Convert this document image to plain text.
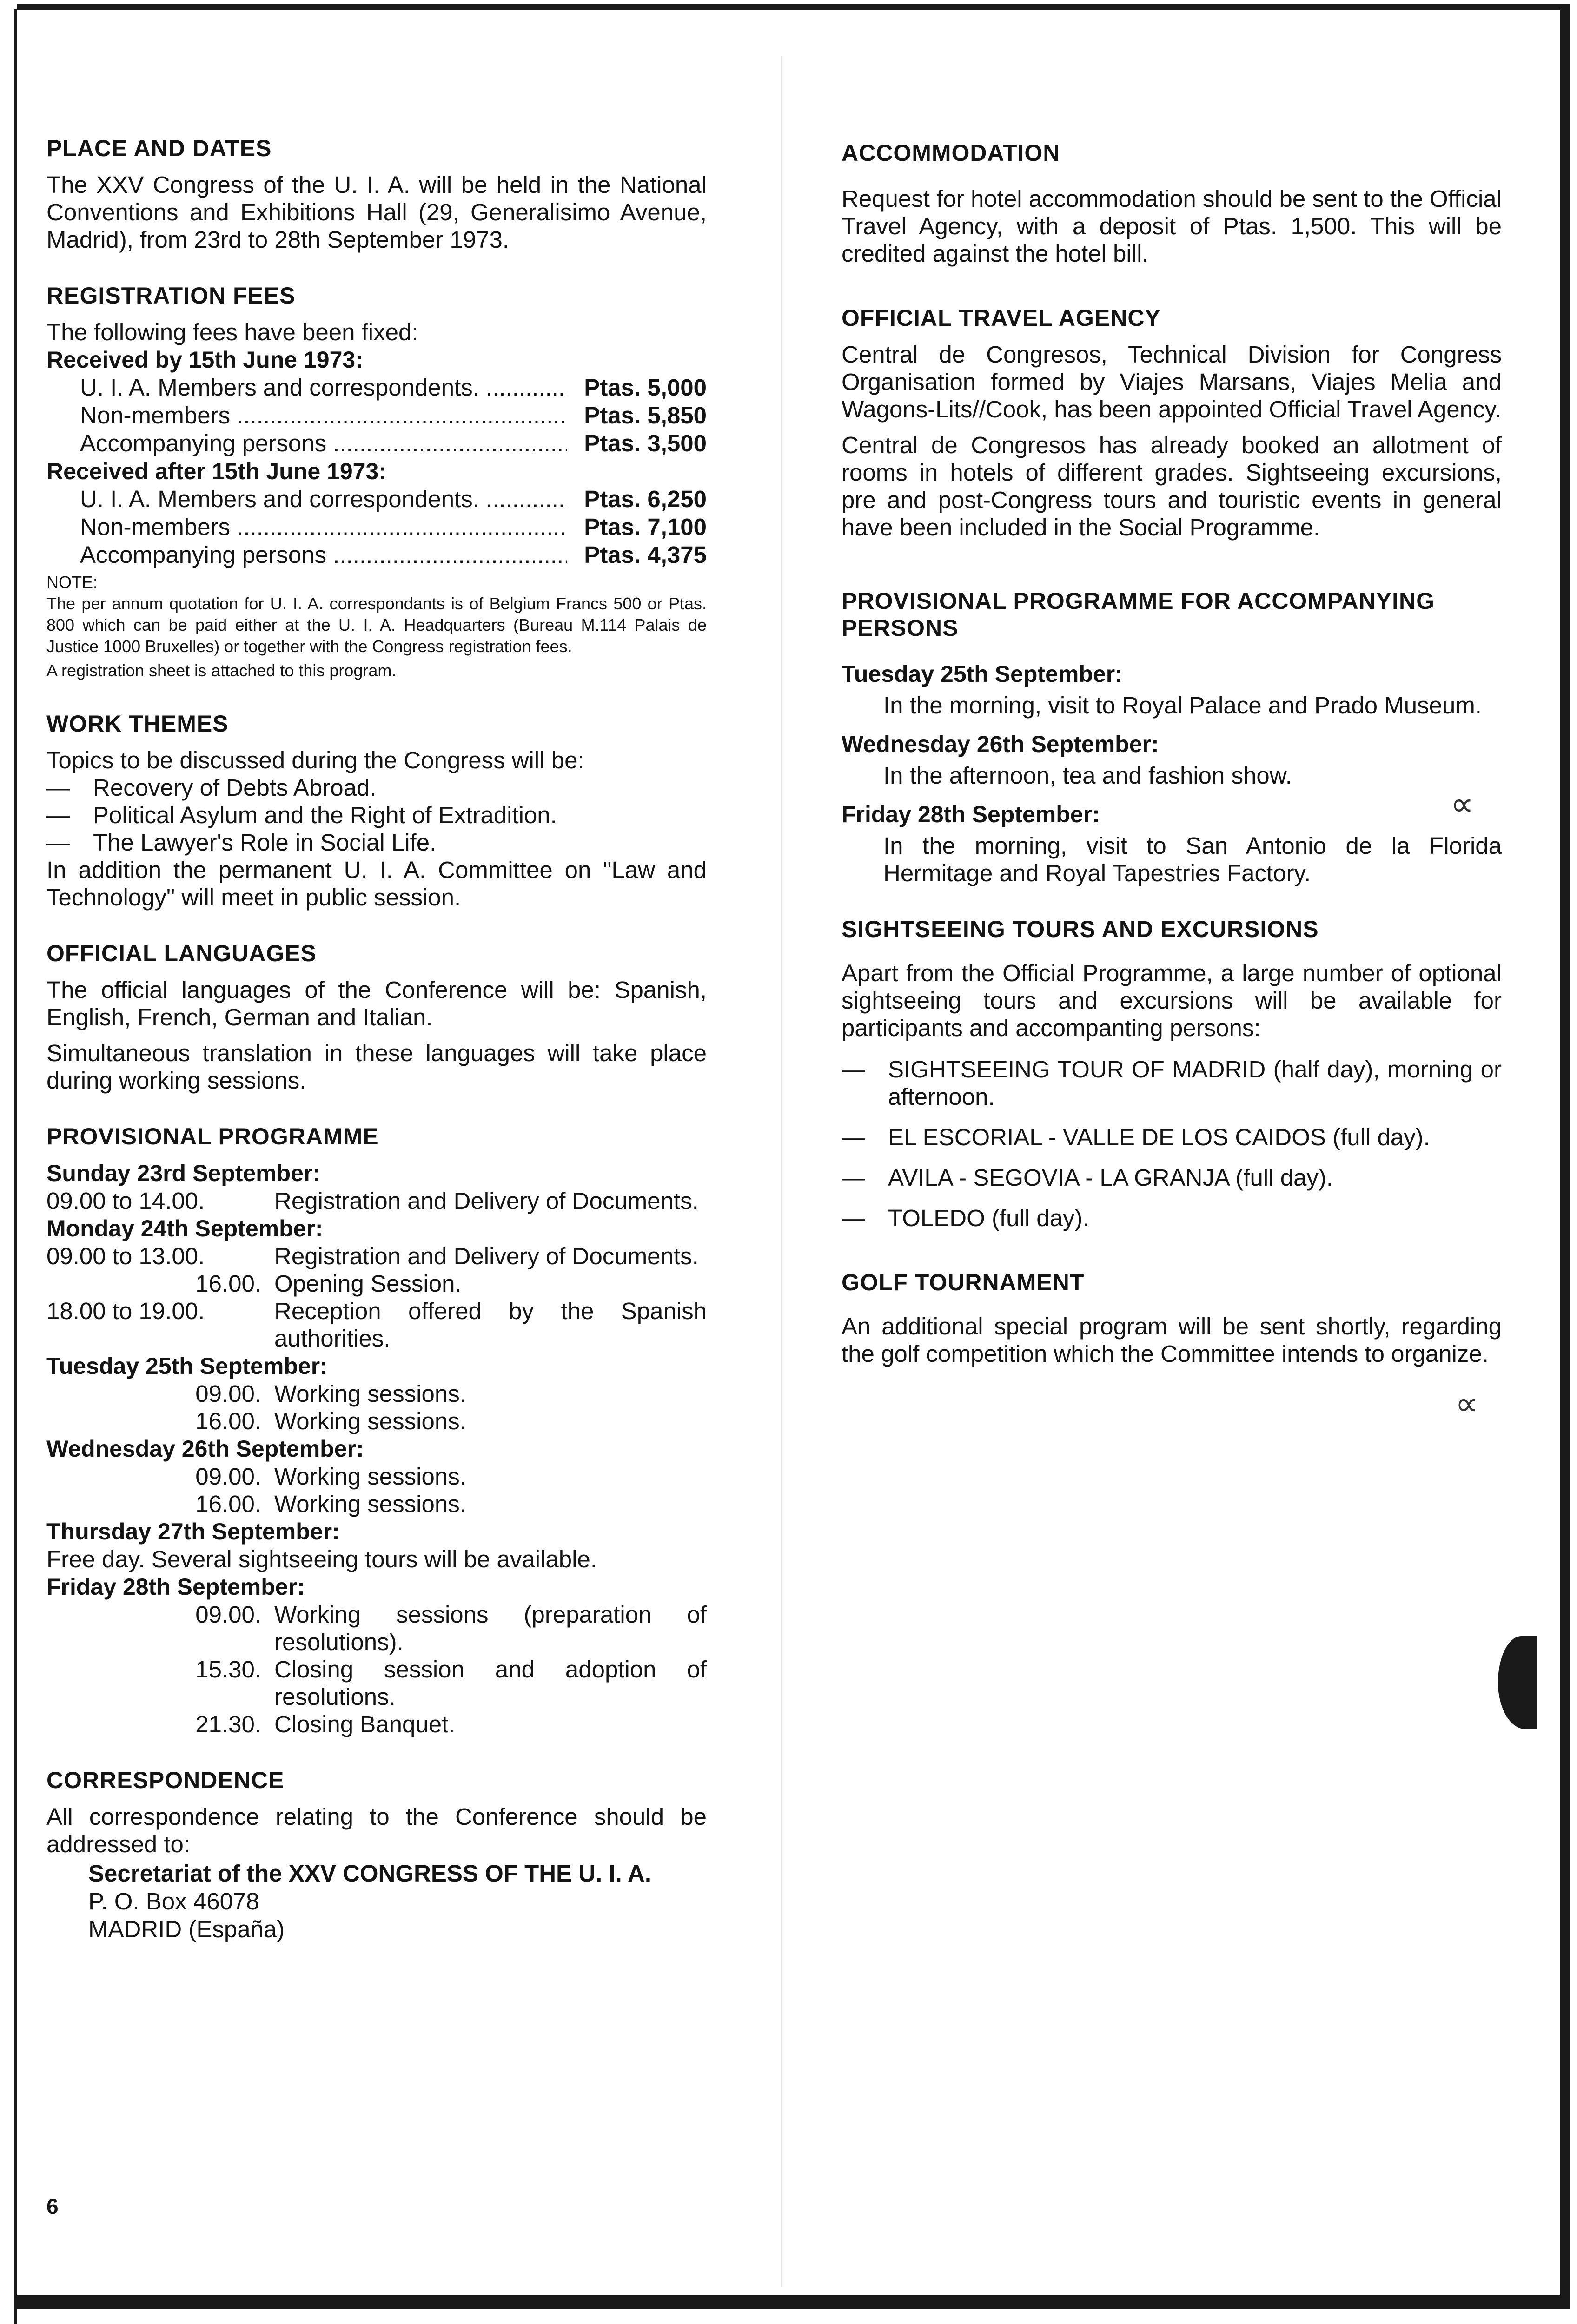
∝
∝
PLACE AND DATES
The XXV Congress of the U. I. A. will be held in the National Conventions and Exhibitions Hall (29, Generalisimo Avenue, Madrid), from 23rd to 28th September 1973.
REGISTRATION FEES
The following fees have been fixed:
Received by 15th June 1973:
U. I. A. Members and correspondents. .....	Ptas. 5,000
Non-members .....	Ptas. 5,850
Accompanying persons .....	Ptas. 3,500
Received after 15th June 1973:
U. I. A. Members and correspondents. .....	Ptas. 6,250
Non-members .....	Ptas. 7,100
Accompanying persons .....	Ptas. 4,375
NOTE:
The per annum quotation for U. I. A. correspondants is of Belgium Francs 500 or Ptas. 800 which can be paid either at the U. I. A. Headquarters (Bureau M.114 Palais de Justice 1000 Bruxelles) or together with the Congress registration fees.
A registration sheet is attached to this program.
WORK THEMES
Topics to be discussed during the Congress will be:
— Recovery of Debts Abroad.
— Political Asylum and the Right of Extradition.
— The Lawyer's Role in Social Life.
In addition the permanent U. I. A. Committee on "Law and Technology" will meet in public session.
OFFICIAL LANGUAGES
The official languages of the Conference will be: Spanish, English, French, German and Italian.
Simultaneous translation in these languages will take place during working sessions.
PROVISIONAL PROGRAMME
Sunday 23rd September:
09.00 to 14.00.	Registration and Delivery of Documents.
Monday 24th September:
09.00 to 13.00.	Registration and Delivery of Documents.
16.00. Opening Session.
18.00 to 19.00.	Reception offered by the Spanish authorities.
Tuesday 25th September:
09.00. Working sessions.
16.00. Working sessions.
Wednesday 26th September:
09.00. Working sessions.
16.00. Working sessions.
Thursday 27th September:
Free day. Several sightseeing tours will be available.
Friday 28th September:
09.00. Working sessions (preparation of resolutions).
15.30. Closing session and adoption of resolutions.
21.30. Closing Banquet.
CORRESPONDENCE
All correspondence relating to the Conference should be addressed to:
Secretariat of the XXV CONGRESS OF THE U. I. A.
P. O. Box 46078
MADRID (España)
6
ACCOMMODATION
Request for hotel accommodation should be sent to the Official Travel Agency, with a deposit of Ptas. 1,500. This will be credited against the hotel bill.
OFFICIAL TRAVEL AGENCY
Central de Congresos, Technical Division for Congress Organisation formed by Viajes Marsans, Viajes Melia and Wagons-Lits//Cook, has been appointed Official Travel Agency.
Central de Congresos has already booked an allotment of rooms in hotels of different grades. Sightseeing excursions, pre and post-Congress tours and touristic events in general have been included in the Social Programme.
PROVISIONAL PROGRAMME FOR ACCOMPANYING PERSONS
Tuesday 25th September:
In the morning, visit to Royal Palace and Prado Museum.
Wednesday 26th September:
In the afternoon, tea and fashion show.
Friday 28th September:
In the morning, visit to San Antonio de la Florida Hermitage and Royal Tapestries Factory.
SIGHTSEEING TOURS AND EXCURSIONS
Apart from the Official Programme, a large number of optional sightseeing tours and excursions will be available for participants and accompanting persons:
— SIGHTSEEING TOUR OF MADRID (half day), morning or afternoon.
— EL ESCORIAL - VALLE DE LOS CAIDOS (full day).
— AVILA - SEGOVIA - LA GRANJA (full day).
— TOLEDO (full day).
GOLF TOURNAMENT
An additional special program will be sent shortly, regarding the golf competition which the Committee intends to organize.
